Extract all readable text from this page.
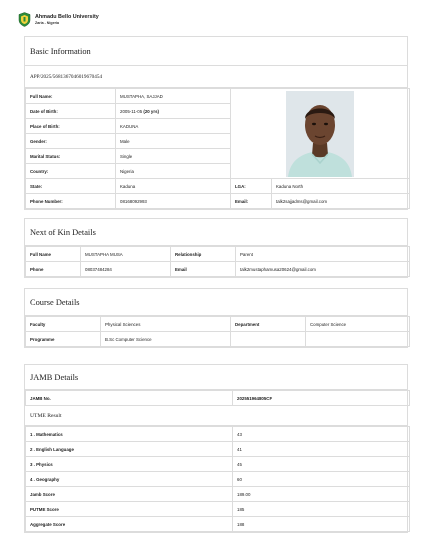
Ahmadu Bello University
Zaria - Nigeria
Basic Information
APP/2025/5681367046019670454
Full Name:	MUSTAPHA, SAJJAD	
Date of Birth:	2005-11-05 (20 yrs)		
Place of Birth:	KADUNA		
Gender:	Male		
Marital Status:	Single		
Country:	Nigeria		
State:	Kaduna	LGA:	Kaduna North
Phone Number:	08168092993	Email:	talk2sajjadms@gmail.com
Next of Kin Details
Full Name	MUSTAPHA MUSA	Relationship	Parent
Phone	08037484284	Email	talk2mustaphamusa20624@gmail.com
Course Details
Faculty	Physical Sciences	Department	Computer Science
Programme	B.Sc Computer Science		
JAMB Details
JAMB No.	202551964805CF
UTME Result
1 . Mathematics	43
2 . English Language	41
3 . Physics	45
4 . Geography	60
Jamb Score	189.00
PUTME Score	185
Aggregate Score	188
